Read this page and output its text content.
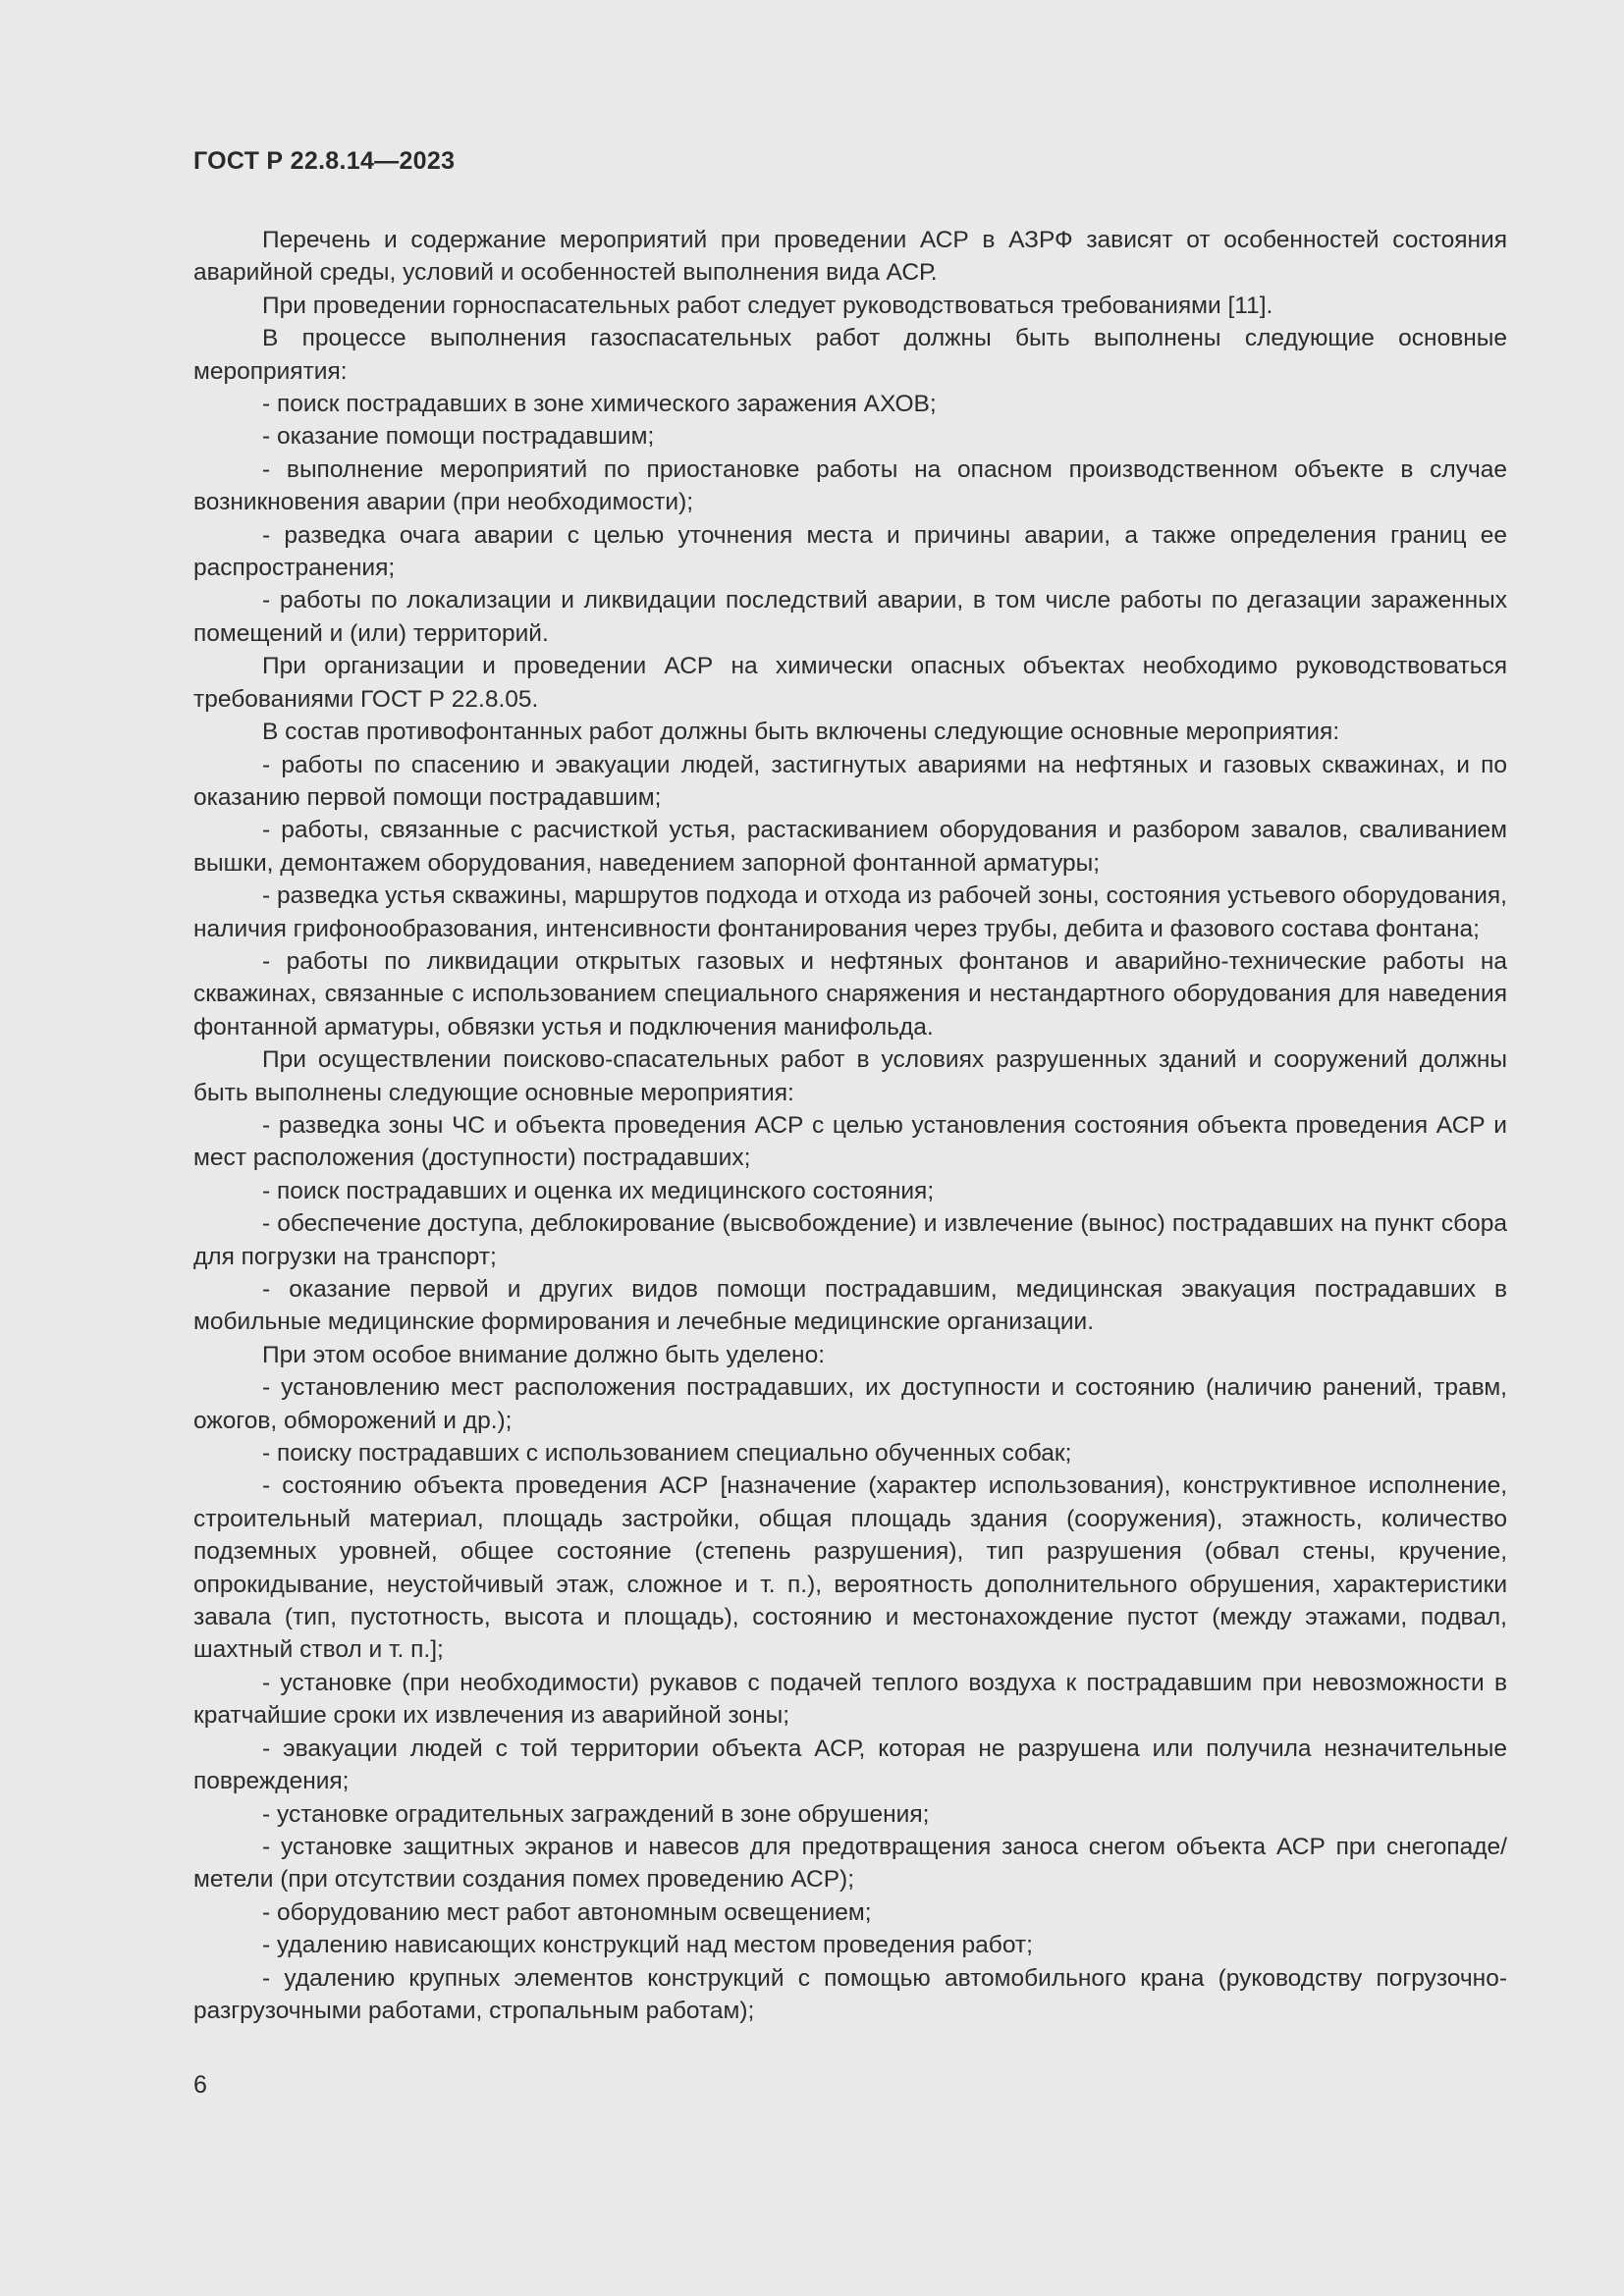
ГОСТ Р 22.8.14—2023

Перечень и содержание мероприятий при проведении АСР в АЗРФ зависят от особенностей состояния аварийной среды, условий и особенностей выполнения вида АСР.

При проведении горноспасательных работ следует руководствоваться требованиями [11].

В процессе выполнения газоспасательных работ должны быть выполнены следующие основные мероприятия:

- поиск пострадавших в зоне химического заражения АХОВ;

- оказание помощи пострадавшим;

- выполнение мероприятий по приостановке работы на опасном производственном объекте в случае возникновения аварии (при необходимости);

- разведка очага аварии с целью уточнения места и причины аварии, а также определения границ ее распространения;

- работы по локализации и ликвидации последствий аварии, в том числе работы по дегазации зараженных помещений и (или) территорий.

При организации и проведении АСР на химически опасных объектах необходимо руководствоваться требованиями ГОСТ Р 22.8.05.

В состав противофонтанных работ должны быть включены следующие основные мероприятия:

- работы по спасению и эвакуации людей, застигнутых авариями на нефтяных и газовых скважинах, и по оказанию первой помощи пострадавшим;

- работы, связанные с расчисткой устья, растаскиванием оборудования и разбором завалов, сваливанием вышки, демонтажем оборудования, наведением запорной фонтанной арматуры;

- разведка устья скважины, маршрутов подхода и отхода из рабочей зоны, состояния устьевого оборудования, наличия грифонообразования, интенсивности фонтанирования через трубы, дебита и фазового состава фонтана;

- работы по ликвидации открытых газовых и нефтяных фонтанов и аварийно-технические работы на скважинах, связанные с использованием специального снаряжения и нестандартного оборудования для наведения фонтанной арматуры, обвязки устья и подключения манифольда.

При осуществлении поисково-спасательных работ в условиях разрушенных зданий и сооружений должны быть выполнены следующие основные мероприятия:

- разведка зоны ЧС и объекта проведения АСР с целью установления состояния объекта проведения АСР и мест расположения (доступности) пострадавших;

- поиск пострадавших и оценка их медицинского состояния;

- обеспечение доступа, деблокирование (высвобождение) и извлечение (вынос) пострадавших на пункт сбора для погрузки на транспорт;

- оказание первой и других видов помощи пострадавшим, медицинская эвакуация пострадавших в мобильные медицинские формирования и лечебные медицинские организации.

При этом особое внимание должно быть уделено:

- установлению мест расположения пострадавших, их доступности и состоянию (наличию ранений, травм, ожогов, обморожений и др.);

- поиску пострадавших с использованием специально обученных собак;

- состоянию объекта проведения АСР [назначение (характер использования), конструктивное исполнение, строительный материал, площадь застройки, общая площадь здания (сооружения), этажность, количество подземных уровней, общее состояние (степень разрушения), тип разрушения (обвал стены, кручение, опрокидывание, неустойчивый этаж, сложное и т. п.), вероятность дополнительного обрушения, характеристики завала (тип, пустотность, высота и площадь), состоянию и местонахождение пустот (между этажами, подвал, шахтный ствол и т. п.];

- установке (при необходимости) рукавов с подачей теплого воздуха к пострадавшим при невозможности в кратчайшие сроки их извлечения из аварийной зоны;

- эвакуации людей с той территории объекта АСР, которая не разрушена или получила незначительные повреждения;

- установке оградительных заграждений в зоне обрушения;

- установке защитных экранов и навесов для предотвращения заноса снегом объекта АСР при снегопаде/метели (при отсутствии создания помех проведению АСР);

- оборудованию мест работ автономным освещением;

- удалению нависающих конструкций над местом проведения работ;

- удалению крупных элементов конструкций с помощью автомобильного крана (руководству погрузочно-разгрузочными работами, стропальным работам);

6
